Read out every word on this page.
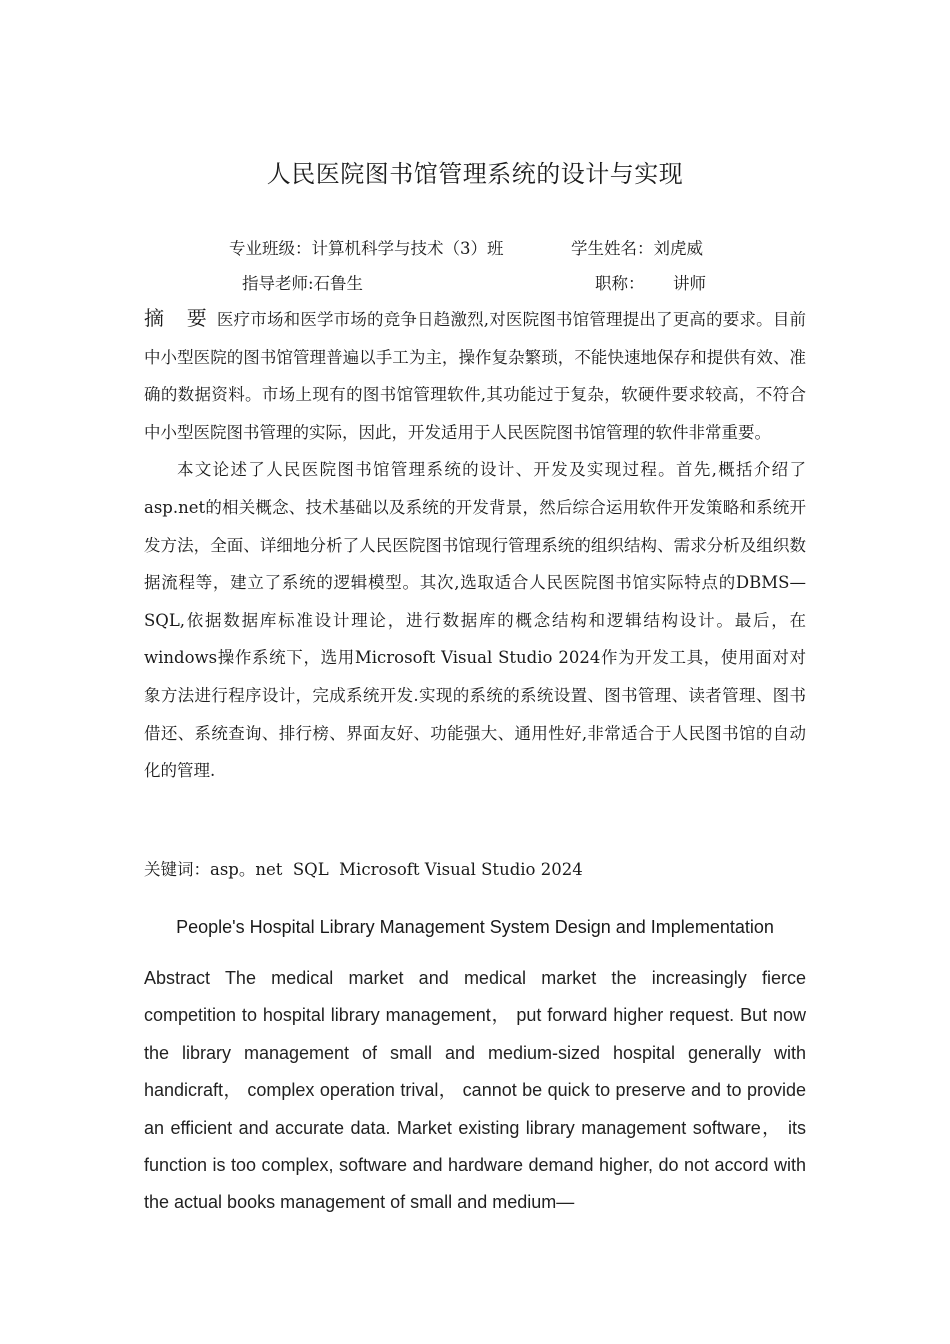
人民医院图书馆管理系统的设计与实现
专业班级：计算机科学与技术（3）班	学生姓名：刘虎威
指导老师:石鲁生	职称： 讲师

摘 要 医疗市场和医学市场的竞争日趋激烈,对医院图书馆管理提出了更高的要求。目前中小型医院的图书馆管理普遍以手工为主，操作复杂繁琐，不能快速地保存和提供有效、准确的数据资料。市场上现有的图书馆管理软件,其功能过于复杂，软硬件要求较高，不符合中小型医院图书管理的实际，因此，开发适用于人民医院图书馆管理的软件非常重要。

本文论述了人民医院图书馆管理系统的设计、开发及实现过程。首先,概括介绍了asp.net的相关概念、技术基础以及系统的开发背景，然后综合运用软件开发策略和系统开发方法，全面、详细地分析了人民医院图书馆现行管理系统的组织结构、需求分析及组织数据流程等，建立了系统的逻辑模型。其次,选取适合人民医院图书馆实际特点的DBMS—SQL,依据数据库标准设计理论，进行数据库的概念结构和逻辑结构设计。最后，在windows操作系统下，选用Microsoft Visual Studio 2024作为开发工具，使用面对对象方法进行程序设计，完成系统开发.实现的系统的系统设置、图书管理、读者管理、图书借还、系统查询、排行榜、界面友好、功能强大、通用性好,非常适合于人民图书馆的自动化的管理.

关键词：asp。net  SQL  Microsoft Visual Studio 2024
People's Hospital Library Management System Design and Implementation

Abstract The medical market and medical market the increasingly fierce competition to hospital library management， put forward higher request. But now the library management of small and medium-sized hospital generally with handicraft， complex operation trival， cannot be quick to preserve and to provide an efficient and accurate data. Market existing library management software， its function is too complex, software and hardware demand higher, do not accord with the actual books management of small and medium—
